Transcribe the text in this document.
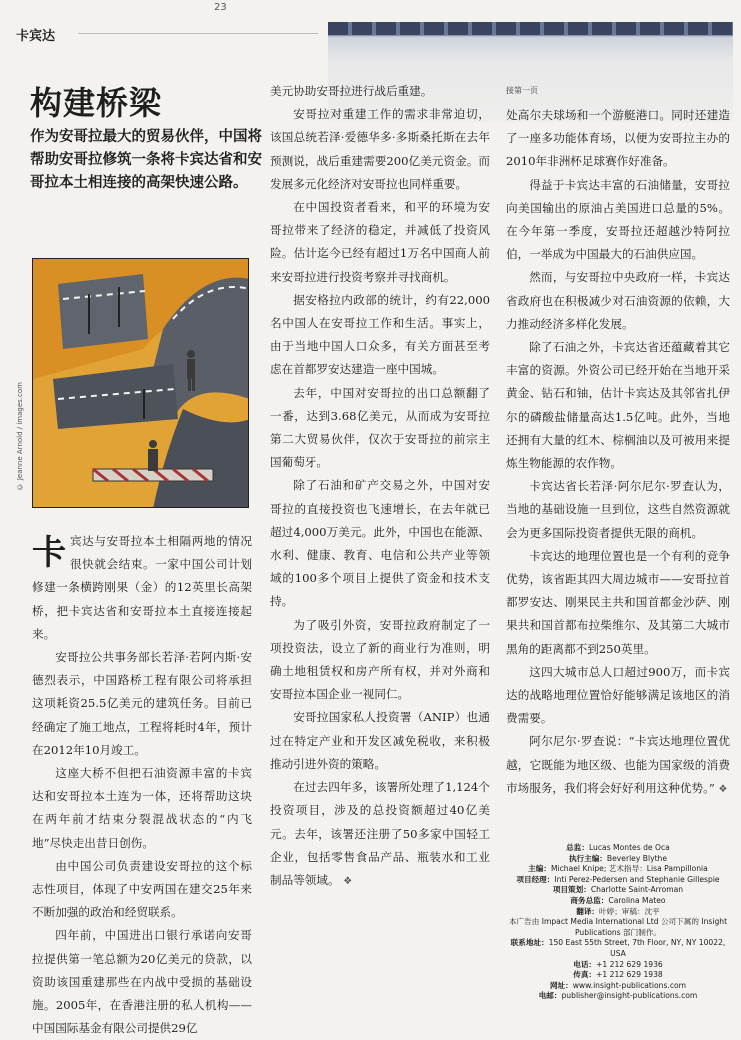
23
卡宾达
构建桥梁
作为安哥拉最大的贸易伙伴，中国将帮助安哥拉修筑一条将卡宾达省和安哥拉本土相连接的高架快速公路。
© Jeanne Arnold / images.com
卡 宾达与安哥拉本土相隔两地的情况很快就会结束。一家中国公司计划修建一条横跨刚果（金）的12英里长高架桥，把卡宾达省和安哥拉本土直接连接起来。

安哥拉公共事务部长若泽·若阿内斯·安德烈表示，中国路桥工程有限公司将承担这项耗资25.5亿美元的建筑任务。目前已经确定了施工地点，工程将耗时4年，预计在2012年10月竣工。

这座大桥不但把石油资源丰富的卡宾达和安哥拉本土连为一体，还将帮助这块在两年前才结束分裂混战状态的“内飞地”尽快走出昔日创伤。

由中国公司负责建设安哥拉的这个标志性项目，体现了中安两国在建交25年来不断加强的政治和经贸联系。

四年前，中国进出口银行承诺向安哥拉提供第一笔总额为20亿美元的贷款，以资助该国重建那些在内战中受损的基础设施。2005年，在香港注册的私人机构——中国国际基金有限公司提供29亿

美元协助安哥拉进行战后重建。

安哥拉对重建工作的需求非常迫切，该国总统若泽·爱德华多·多斯桑托斯在去年预测说，战后重建需要200亿美元资金。而发展多元化经济对安哥拉也同样重要。

在中国投资者看来，和平的环境为安哥拉带来了经济的稳定，并减低了投资风险。估计迄今已经有超过1万名中国商人前来安哥拉进行投资考察并寻找商机。

据安格拉内政部的统计，约有22,000名中国人在安哥拉工作和生活。事实上，由于当地中国人口众多，有关方面甚至考虑在首都罗安达建造一座中国城。

去年，中国对安哥拉的出口总额翻了一番，达到3.68亿美元，从而成为安哥拉第二大贸易伙伴，仅次于安哥拉的前宗主国葡萄牙。

除了石油和矿产交易之外，中国对安哥拉的直接投资也飞速增长，在去年就已超过4,000万美元。此外，中国也在能源、水利、健康、教育、电信和公共产业等领域的100多个项目上提供了资金和技术支持。

为了吸引外资，安哥拉政府制定了一项投资法，设立了新的商业行为准则，明确土地租赁权和房产所有权，并对外商和安哥拉本国企业一视同仁。

安哥拉国家私人投资署（ANIP）也通过在特定产业和开发区减免税收，来积极推动引进外资的策略。

在过去四年多，该署所处理了1,124个投资项目，涉及的总投资额超过40亿美元。去年，该署还注册了50多家中国轻工企业，包括零售食品产品、瓶装水和工业制品等领域。 ❖

接第一页

处高尔夫球场和一个游艇港口。同时还建造了一座多功能体育场，以便为安哥拉主办的2010年非洲杯足球赛作好准备。

得益于卡宾达丰富的石油储量，安哥拉向美国输出的原油占美国进口总量的5%。在今年第一季度，安哥拉还超越沙特阿拉伯，一举成为中国最大的石油供应国。

然而，与安哥拉中央政府一样，卡宾达省政府也在积极减少对石油资源的依赖，大力推动经济多样化发展。

除了石油之外，卡宾达省还蕴藏着其它丰富的资源。外资公司已经开始在当地开采黄金、钻石和铀，估计卡宾达及其邻省扎伊尔的磷酸盐储量高达1.5亿吨。此外，当地还拥有大量的红木、棕榈油以及可被用来提炼生物能源的农作物。

卡宾达省长若泽·阿尔尼尔·罗查认为，当地的基础设施一旦到位，这些自然资源就会为更多国际投资者提供无限的商机。

卡宾达的地理位置也是一个有利的竞争优势，该省距其四大周边城市——安哥拉首都罗安达、刚果民主共和国首都金沙萨、刚果共和国首都布拉柴维尔、及其第二大城市黑角的距离都不到250英里。

这四大城市总人口超过900万，而卡宾达的战略地理位置恰好能够满足该地区的消费需要。

阿尔尼尔·罗查说：“卡宾达地理位置优越，它既能为地区级、也能为国家级的消费市场服务，我们将会好好利用这种优势。” ❖

总监：Lucas Montes de Oca
执行主编：Beverley Blythe
主编：Michael Knipe; 艺术指导：Lisa Pampillonia
项目经理：Inti Perez-Pedersen and Stephanie Gillespie
项目策划：Charlotte Saint-Arroman
商务总监：Carolina Mateo
翻译：叶婷；审稿：沈平
本广告由 Impact Media International Ltd 公司下属的 Insight Publications 部门制作。
联系地址：150 East 55th Street, 7th Floor, NY, NY 10022, USA
电话：+1 212 629 1936
传真：+1 212 629 1938
网址：www.insight-publications.com
电邮：publisher@insight-publications.com
